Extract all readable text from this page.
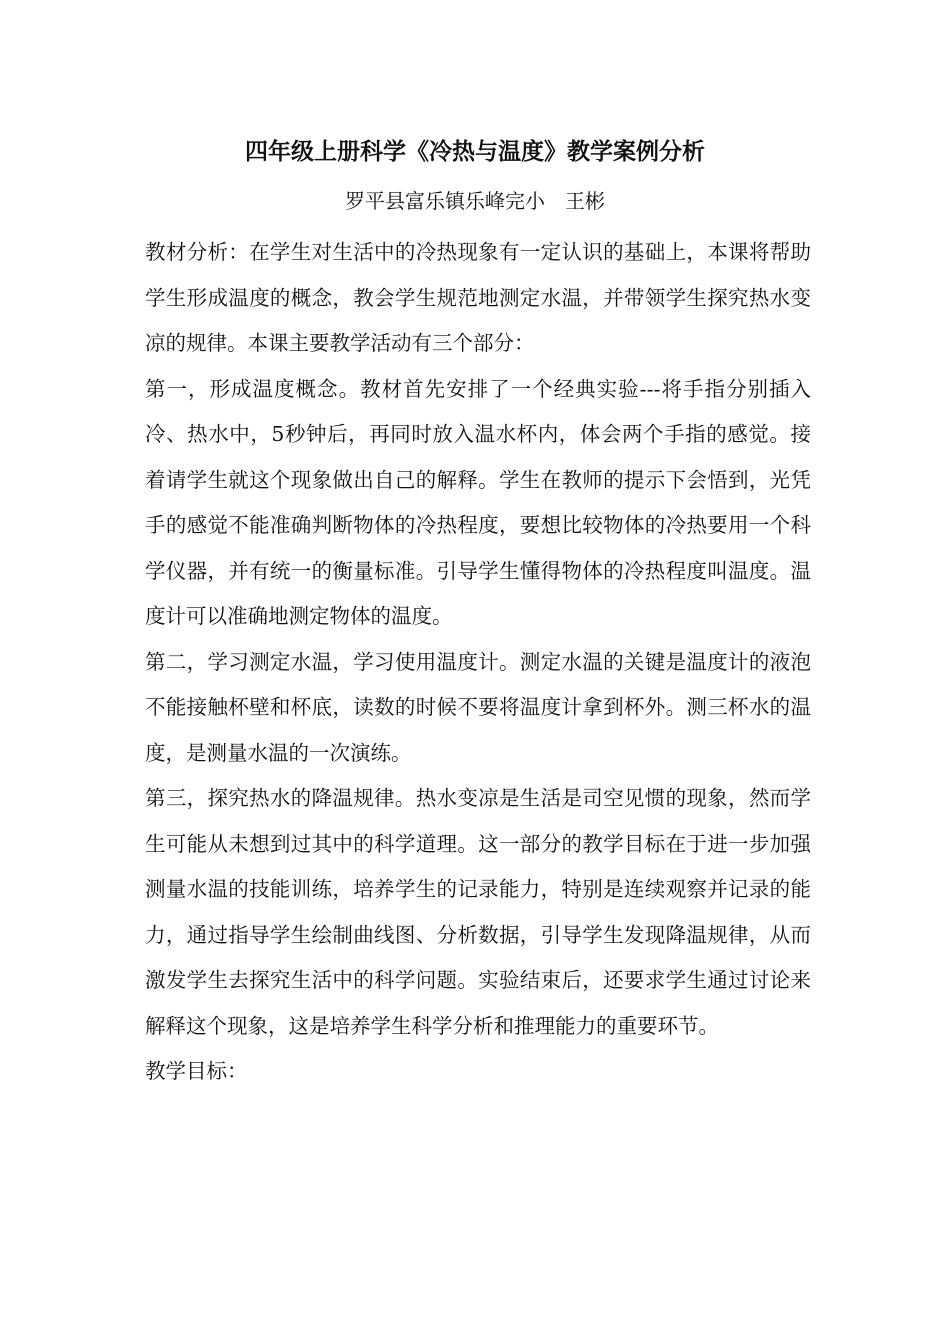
四年级上册科学《冷热与温度》教学案例分析
罗平县富乐镇乐峰完小　王彬

教材分析：在学生对生活中的冷热现象有一定认识的基础上，本课将帮助学生形成温度的概念，教会学生规范地测定水温，并带领学生探究热水变凉的规律。本课主要教学活动有三个部分：

第一，形成温度概念。教材首先安排了一个经典实验---将手指分别插入冷、热水中，5秒钟后，再同时放入温水杯内，体会两个手指的感觉。接着请学生就这个现象做出自己的解释。学生在教师的提示下会悟到，光凭手的感觉不能准确判断物体的冷热程度，要想比较物体的冷热要用一个科学仪器，并有统一的衡量标准。引导学生懂得物体的冷热程度叫温度。温度计可以准确地测定物体的温度。

第二，学习测定水温，学习使用温度计。测定水温的关键是温度计的液泡不能接触杯壁和杯底，读数的时候不要将温度计拿到杯外。测三杯水的温度，是测量水温的一次演练。

第三，探究热水的降温规律。热水变凉是生活是司空见惯的现象，然而学生可能从未想到过其中的科学道理。这一部分的教学目标在于进一步加强测量水温的技能训练，培养学生的记录能力，特别是连续观察并记录的能力，通过指导学生绘制曲线图、分析数据，引导学生发现降温规律，从而激发学生去探究生活中的科学问题。实验结束后，还要求学生通过讨论来解释这个现象，这是培养学生科学分析和推理能力的重要环节。

教学目标：
